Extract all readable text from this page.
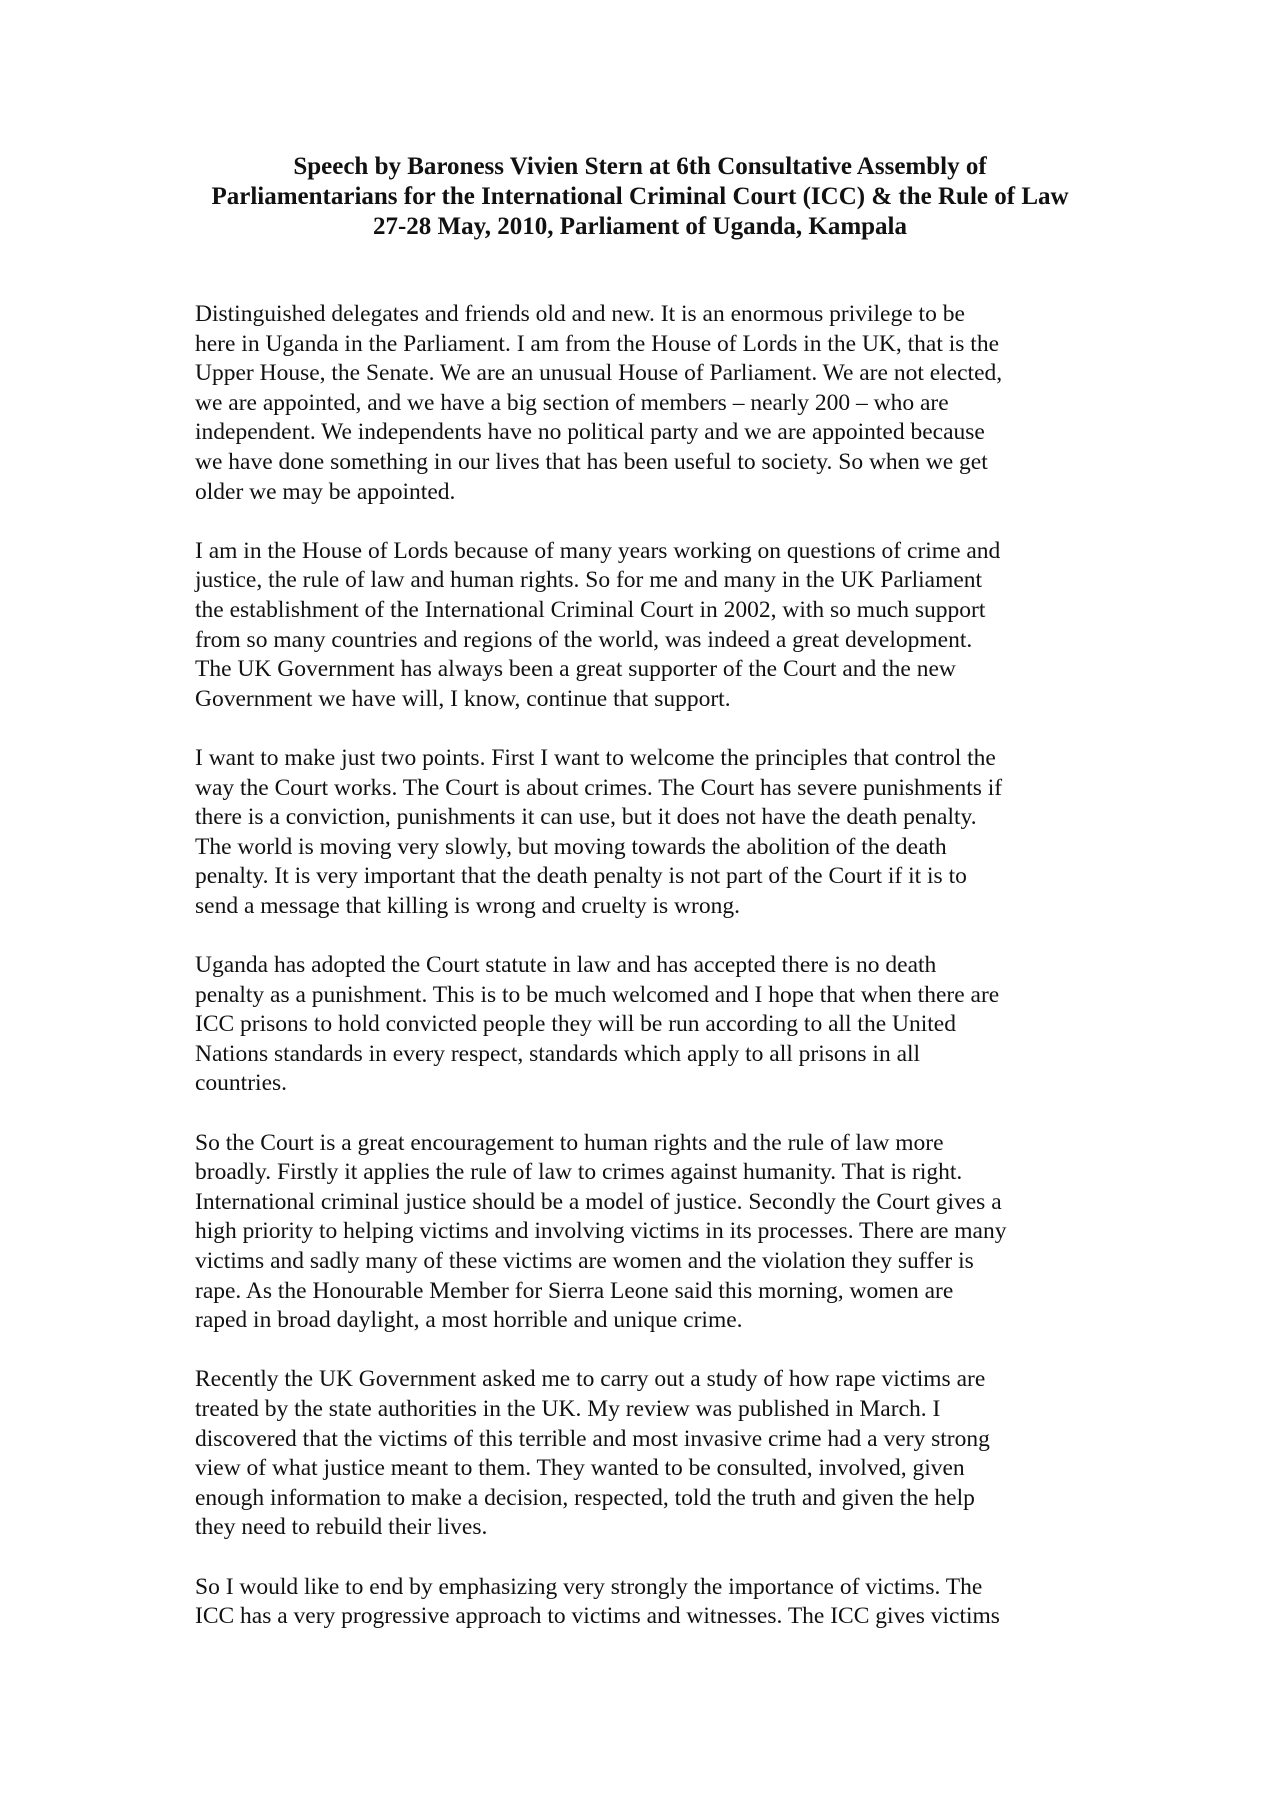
Speech by Baroness Vivien Stern at 6th Consultative Assembly of
Parliamentarians for the International Criminal Court (ICC) & the Rule of Law
27-28 May, 2010, Parliament of Uganda, Kampala
Distinguished delegates and friends old and new. It is an enormous privilege to be
here in Uganda in the Parliament. I am from the House of Lords in the UK, that is the
Upper House, the Senate. We are an unusual House of Parliament. We are not elected,
we are appointed, and we have a big section of members – nearly 200 – who are
independent. We independents have no political party and we are appointed because
we have done something in our lives that has been useful to society. So when we get
older we may be appointed.
I am in the House of Lords because of many years working on questions of crime and
justice, the rule of law and human rights. So for me and many in the UK Parliament
the establishment of the International Criminal Court in 2002, with so much support
from so many countries and regions of the world, was indeed a great development.
The UK Government has always been a great supporter of the Court and the new
Government we have will, I know, continue that support.
I want to make just two points. First I want to welcome the principles that control the
way the Court works. The Court is about crimes. The Court has severe punishments if
there is a conviction, punishments it can use, but it does not have the death penalty.
The world is moving very slowly, but moving towards the abolition of the death
penalty. It is very important that the death penalty is not part of the Court if it is to
send a message that killing is wrong and cruelty is wrong.
Uganda has adopted the Court statute in law and has accepted there is no death
penalty as a punishment. This is to be much welcomed and I hope that when there are
ICC prisons to hold convicted people they will be run according to all the United
Nations standards in every respect, standards which apply to all prisons in all
countries.
So the Court is a great encouragement to human rights and the rule of law more
broadly. Firstly it applies the rule of law to crimes against humanity. That is right.
International criminal justice should be a model of justice. Secondly the Court gives a
high priority to helping victims and involving victims in its processes. There are many
victims and sadly many of these victims are women and the violation they suffer is
rape. As the Honourable Member for Sierra Leone said this morning, women are
raped in broad daylight, a most horrible and unique crime.
Recently the UK Government asked me to carry out a study of how rape victims are
treated by the state authorities in the UK. My review was published in March. I
discovered that the victims of this terrible and most invasive crime had a very strong
view of what justice meant to them. They wanted to be consulted, involved, given
enough information to make a decision, respected, told the truth and given the help
they need to rebuild their lives.
So I would like to end by emphasizing very strongly the importance of victims. The
ICC has a very progressive approach to victims and witnesses. The ICC gives victims
